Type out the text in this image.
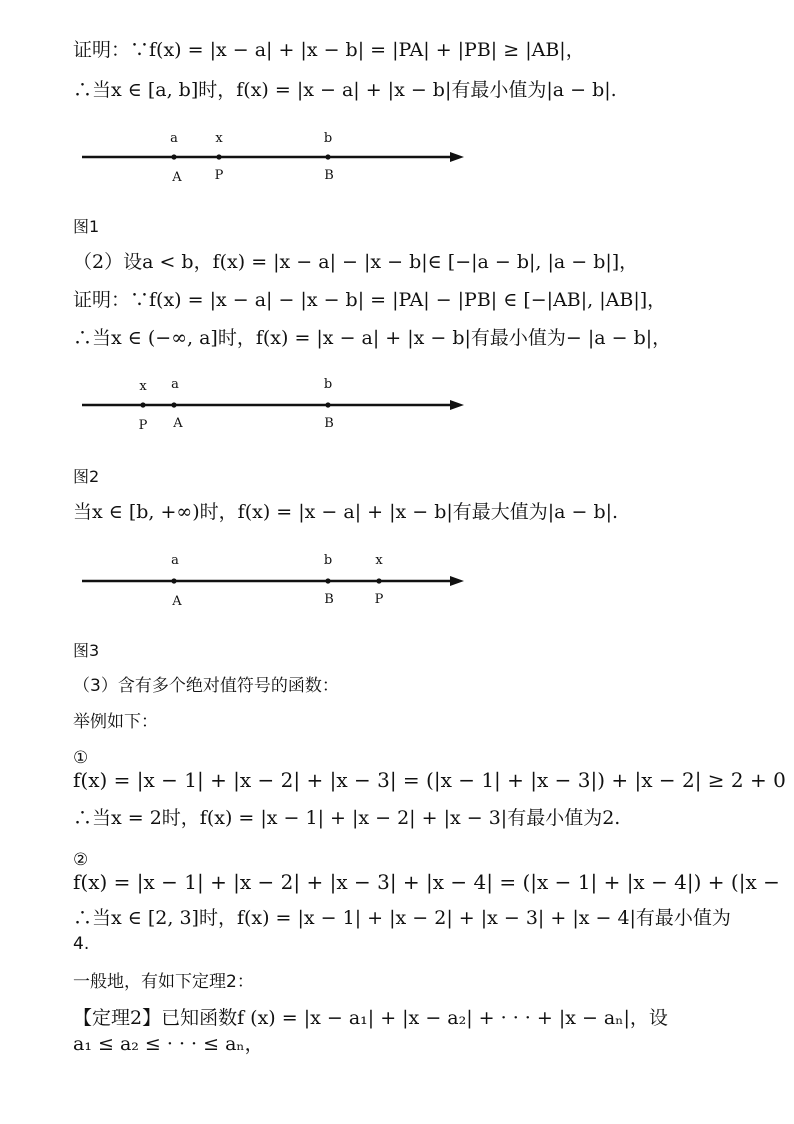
证明：∵f(x) = |x − a| + |x − b| = |PA| + |PB| ≥ |AB|，
∴当x ∈ [a, b]时，f(x) = |x − a| + |x − b|有最小值为|a − b|.
a	x	b
A	P	B
图1
（2）设a < b，f(x) = |x − a| − |x − b|∈ [−|a − b|, |a − b|]，
证明：∵f(x) = |x − a| − |x − b| = |PA| − |PB| ∈ [−|AB|, |AB|]，
∴当x ∈ (−∞, a]时，f(x) = |x − a| + |x − b|有最小值为− |a − b|，
x a	b
P A	B
图2
当x ∈ [b, +∞)时，f(x) = |x − a| + |x − b|有最大值为|a − b|.
a	b	x
A	B	P
图3
（3）含有多个绝对值符号的函数：
举例如下：
①
f(x) = |x − 1| + |x − 2| + |x − 3| = (|x − 1| + |x − 3|) + |x − 2| ≥ 2 + 0
∴当x = 2时，f(x) = |x − 1| + |x − 2| + |x − 3|有最小值为2.
②
f(x) = |x − 1| + |x − 2| + |x − 3| + |x − 4| = (|x − 1| + |x − 4|) + (|x −
∴当x ∈ [2, 3]时，f(x) = |x − 1| + |x − 2| + |x − 3| + |x − 4|有最小值为
4.
一般地，有如下定理2：
【定理2】已知函数f (x) = |x − a₁| + |x − a₂| + · · · + |x − aₙ|，设
a₁ ≤ a₂ ≤ · · · ≤ aₙ，
